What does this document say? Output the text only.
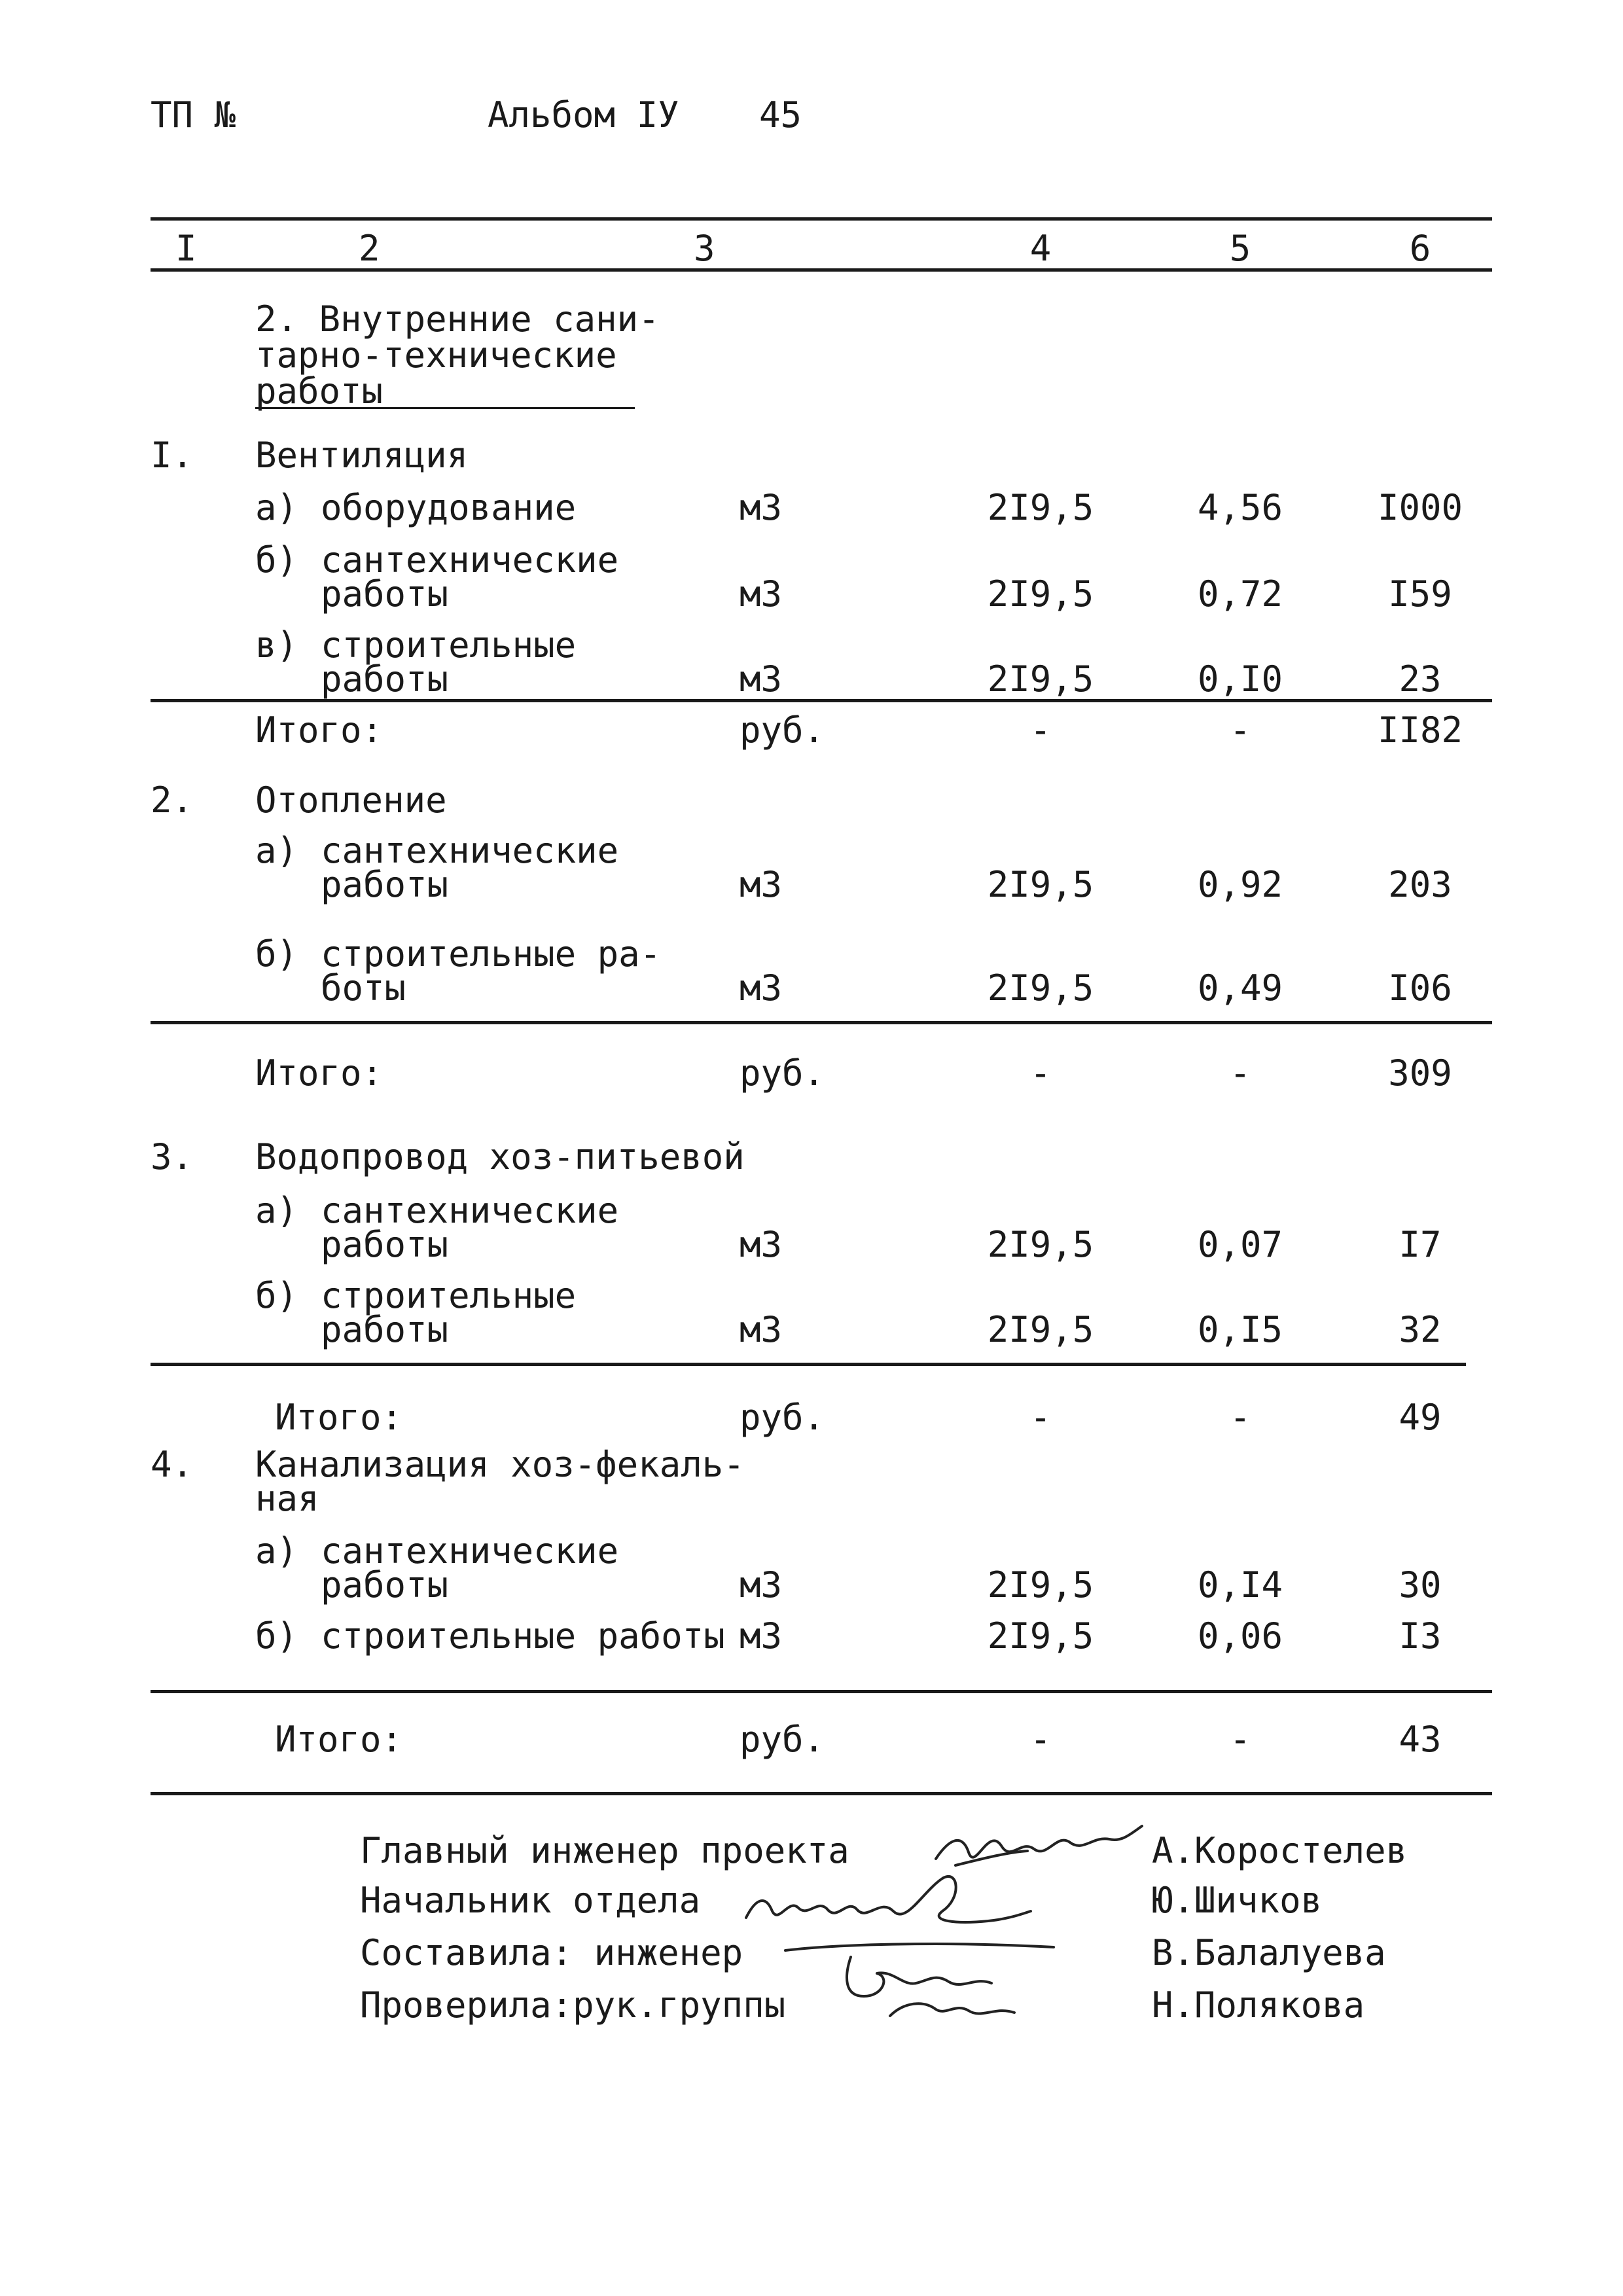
ТП №	Альбом IУ 45
I	2	3	4	5	6
2. Внутренние сани-
тарно-технические
работы
I. Вентиляция
а) оборудование	м3	2I9,5	4,56	I000
б) сантехнические
работы	м3	2I9,5	0,72	I59
в) строительные
работы	м3	2I9,5	0,I0	23
Итого:	руб.	-	-	II82
2. Отопление
а) сантехнические
работы	м3	2I9,5	0,92	203
б) строительные ра-
боты	м3	2I9,5	0,49	I06
Итого:	руб.	-	-	309
3. Водопровод хоз-питьевой
а) сантехнические
работы	м3	2I9,5	0,07	I7
б) строительные
работы	м3	2I9,5	0,I5	32
Итого:	руб.	-	-	49
4. Канализация хоз-фекаль-
ная
а) сантехнические
работы	м3	2I9,5	0,I4	30
б) строительные работы м3	2I9,5	0,06	I3
Итого:	руб.	-	-	43
Главный инженер проекта	А.Коростелев
Начальник отдела	Ю.Шичков
Составила: инженер	В.Балалуева
Проверила:рук.группы	Н.Полякова
